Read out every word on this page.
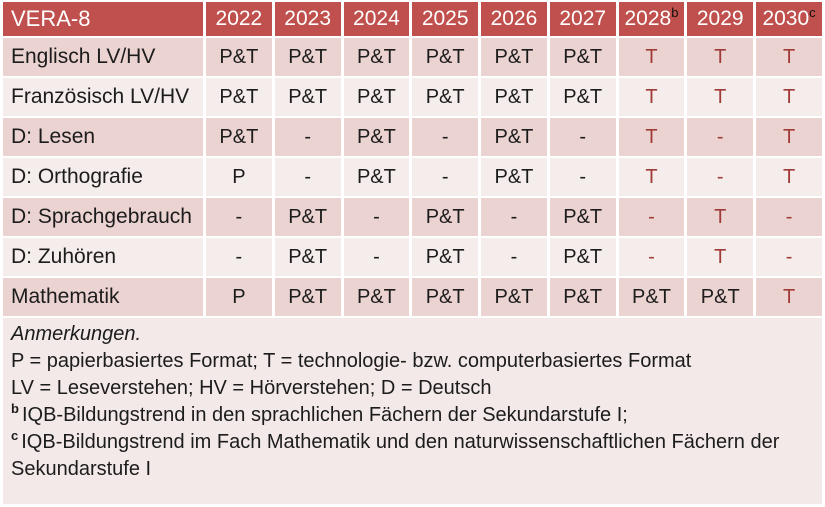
VERA-8	2022	2023	2024	2025	2026	2027	2028$^b$	2029	2030$^c$
Englisch LV/HV	P&T	P&T	P&T	P&T	P&T	P&T	T	T	T
Französisch LV/HV	P&T	P&T	P&T	P&T	P&T	P&T	T	T	T
D: Lesen	P&T	-	P&T	-	P&T	-	T	-	T
D: Orthografie	P	-	P&T	-	P&T	-	T	-	T
D: Sprachgebrauch	-	P&T	-	P&T	-	P&T	-	T	-
D: Zuhören	-	P&T	-	P&T	-	P&T	-	T	-
Mathematik	P	P&T	P&T	P&T	P&T	P&T	P&T	P&T	T
Anmerkungen.
P = papierbasiertes Format; T = technologie- bzw. computerbasiertes Format
LV = Leseverstehen; HV = Hörverstehen; D = Deutsch
$^b$ IQB-Bildungstrend in den sprachlichen Fächern der Sekundarstufe I;
$^c$ IQB-Bildungstrend im Fach Mathematik und den naturwissenschaftlichen Fächern der Sekundarstufe I
